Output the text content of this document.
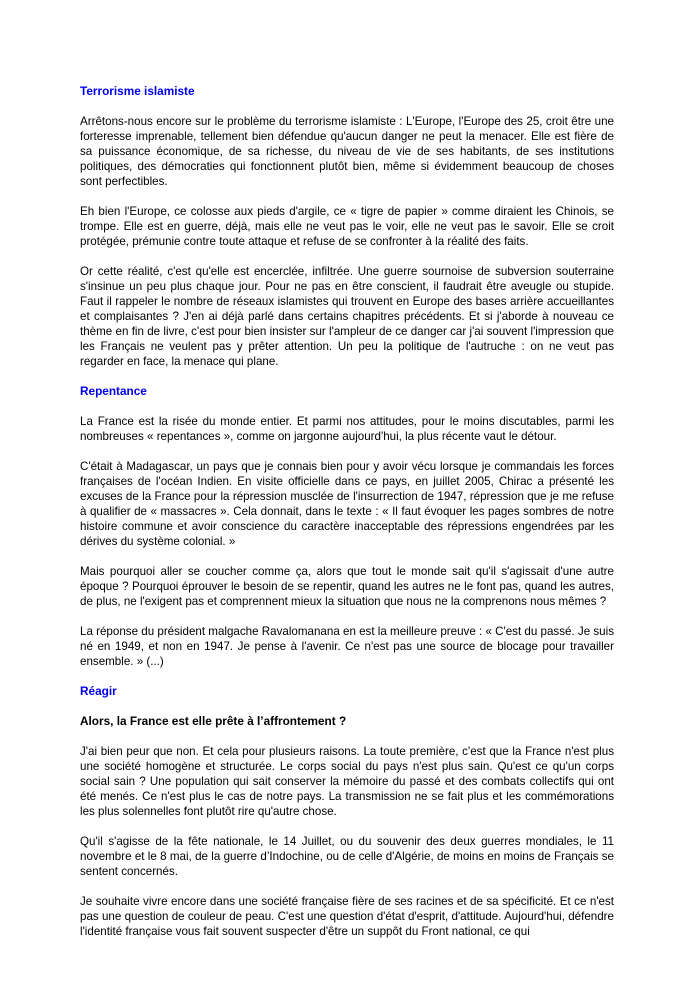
Terrorisme islamiste

Arrêtons-nous encore sur le problème du terrorisme islamiste : L'Europe, l'Europe des 25, croit être une forteresse imprenable, tellement bien défendue qu'aucun danger ne peut la menacer. Elle est fière de sa puissance économique, de sa richesse, du niveau de vie de ses habitants, de ses institutions politiques, des démocraties qui fonctionnent plutôt bien, même si évidemment beaucoup de choses sont perfectibles.

Eh bien l'Europe, ce colosse aux pieds d'argile, ce « tigre de papier » comme diraient les Chinois, se trompe. Elle est en guerre, déjà, mais elle ne veut pas le voir, elle ne veut pas le savoir. Elle se croit protégée, prémunie contre toute attaque et refuse de se confronter à la réalité des faits.

Or cette réalité, c'est qu'elle est encerclée, infiltrée. Une guerre sournoise de subversion souterraine s'insinue un peu plus chaque jour. Pour ne pas en être conscient, il faudrait être aveugle ou stupide. Faut il rappeler le nombre de réseaux islamistes qui trouvent en Europe des bases arrière accueillantes et complaisantes ? J'en ai déjà parlé dans certains chapitres précédents. Et si j'aborde à nouveau ce thème en fin de livre, c'est pour bien insister sur l'ampleur de ce danger car j'ai souvent l'impression que les Français ne veulent pas y prêter attention. Un peu la politique de l'autruche : on ne veut pas regarder en face, la menace qui plane.

Repentance

La France est la risée du monde entier. Et parmi nos attitudes, pour le moins discutables, parmi les nombreuses « repentances », comme on jargonne aujourd'hui, la plus récente vaut le détour.

C'était à Madagascar, un pays que je connais bien pour y avoir vécu lorsque je commandais les forces françaises de l'océan Indien. En visite officielle dans ce pays, en juillet 2005, Chirac a présenté les excuses de la France pour la répression musclée de l'insurrection de 1947, répression que je me refuse à qualifier de « massacres ». Cela donnait, dans le texte : « Il faut évoquer les pages sombres de notre histoire commune et avoir conscience du caractère inacceptable des répressions engendrées par les dérives du système colonial. »

Mais pourquoi aller se coucher comme ça, alors que tout le monde sait qu'il s'agissait d'une autre époque ? Pourquoi éprouver le besoin de se repentir, quand les autres ne le font pas, quand les autres, de plus, ne l'exigent pas et comprennent mieux la situation que nous ne la comprenons nous mêmes ?

La réponse du président malgache Ravalomanana en est la meilleure preuve : « C'est du passé. Je suis né en 1949, et non en 1947. Je pense à l'avenir. Ce n'est pas une source de blocage pour travailler ensemble. » (...)

Réagir
Alors, la France est elle prête à l’affrontement ?

J'ai bien peur que non. Et cela pour plusieurs raisons. La toute première, c'est que la France n'est plus une société homogène et structurée. Le corps social du pays n'est plus sain. Qu'est ce qu'un corps social sain ? Une population qui sait conserver la mémoire du passé et des combats collectifs qui ont été menés. Ce n'est plus le cas de notre pays. La transmission ne se fait plus et les commémorations les plus solennelles font plutôt rire qu'autre chose.

Qu'il s'agisse de la fête nationale, le 14 Juillet, ou du souvenir des deux guerres mondiales, le 11 novembre et le 8 mai, de la guerre d’Indochine, ou de celle d'Algérie, de moins en moins de Français se sentent concernés.

Je souhaite vivre encore dans une société française fière de ses racines et de sa spécificité. Et ce n'est pas une question de couleur de peau. C'est une question d'état d'esprit, d'attitude. Aujourd'hui, défendre l'identité française vous fait souvent suspecter d'être un suppôt du Front national, ce qui
